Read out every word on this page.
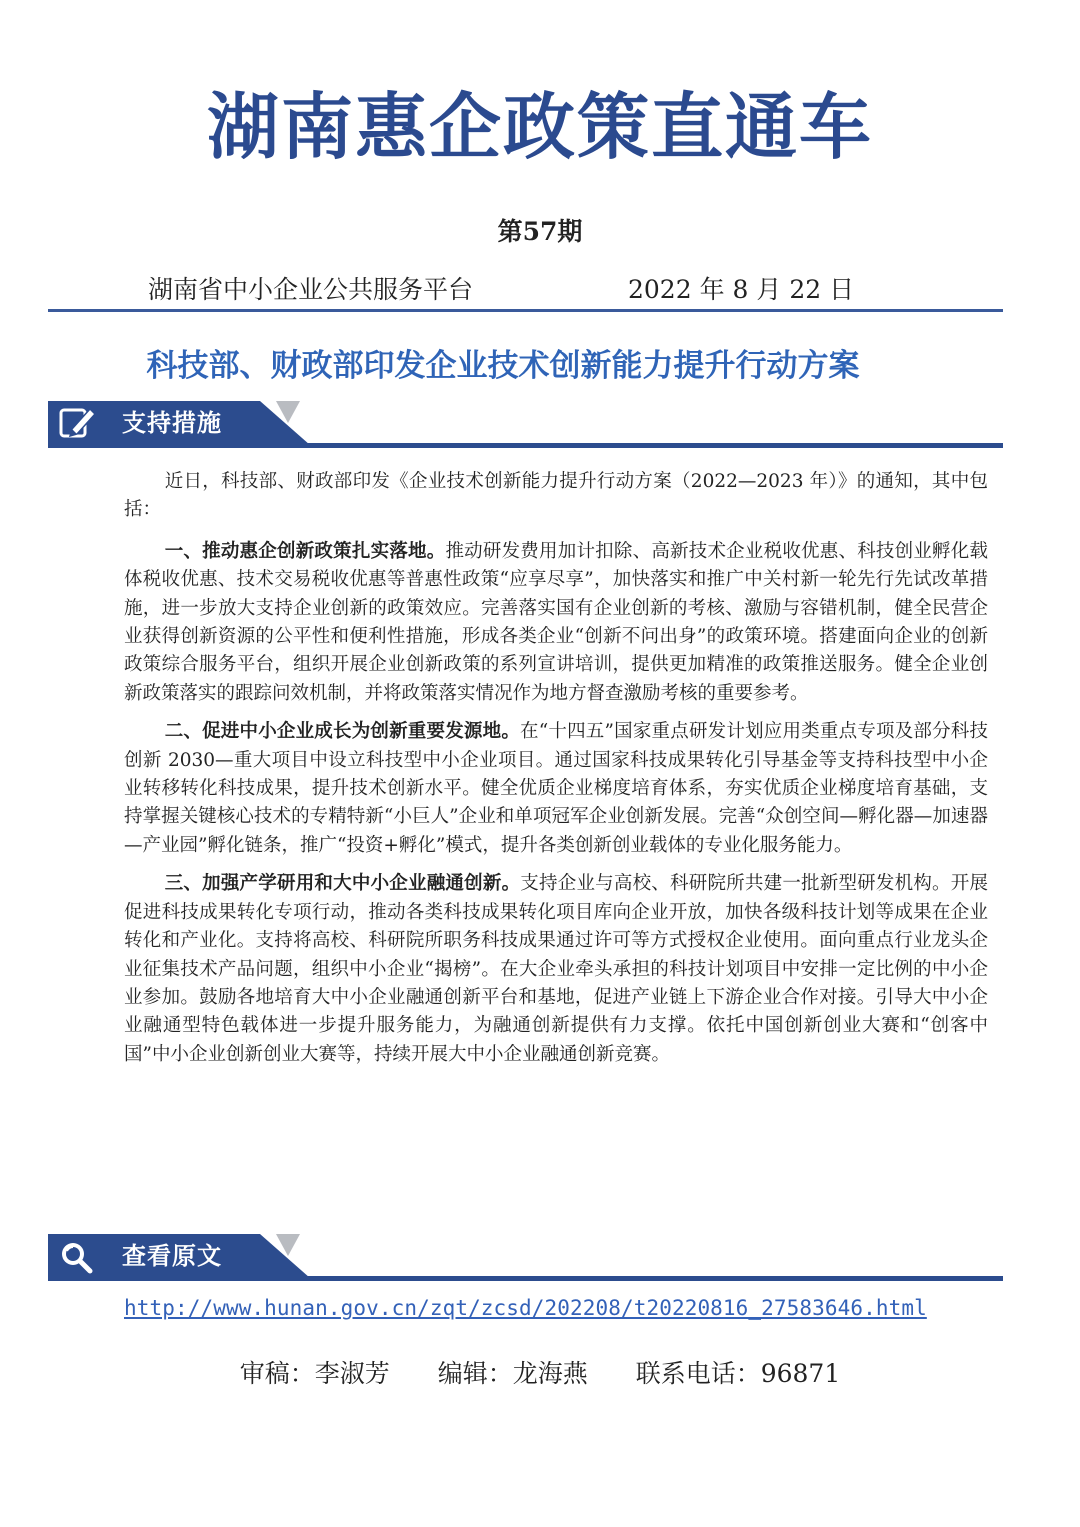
湖南惠企政策直通车
第57期
湖南省中小企业公共服务平台	2022 年 8 月 22 日
科技部、财政部印发企业技术创新能力提升行动方案
支持措施

近日，科技部、财政部印发《企业技术创新能力提升行动方案（2022—2023 年）》的通知，其中包括：

一、推动惠企创新政策扎实落地。推动研发费用加计扣除、高新技术企业税收优惠、科技创业孵化载体税收优惠、技术交易税收优惠等普惠性政策“应享尽享”，加快落实和推广中关村新一轮先行先试改革措施，进一步放大支持企业创新的政策效应。完善落实国有企业创新的考核、激励与容错机制，健全民营企业获得创新资源的公平性和便利性措施，形成各类企业“创新不问出身”的政策环境。搭建面向企业的创新政策综合服务平台，组织开展企业创新政策的系列宣讲培训，提供更加精准的政策推送服务。健全企业创新政策落实的跟踪问效机制，并将政策落实情况作为地方督查激励考核的重要参考。

二、促进中小企业成长为创新重要发源地。在“十四五”国家重点研发计划应用类重点专项及部分科技创新 2030—重大项目中设立科技型中小企业项目。通过国家科技成果转化引导基金等支持科技型中小企业转移转化科技成果，提升技术创新水平。健全优质企业梯度培育体系，夯实优质企业梯度培育基础，支持掌握关键核心技术的专精特新“小巨人”企业和单项冠军企业创新发展。完善“众创空间—孵化器—加速器—产业园”孵化链条，推广“投资+孵化”模式，提升各类创新创业载体的专业化服务能力。

三、加强产学研用和大中小企业融通创新。支持企业与高校、科研院所共建一批新型研发机构。开展促进科技成果转化专项行动，推动各类科技成果转化项目库向企业开放，加快各级科技计划等成果在企业转化和产业化。支持将高校、科研院所职务科技成果通过许可等方式授权企业使用。面向重点行业龙头企业征集技术产品问题，组织中小企业“揭榜”。在大企业牵头承担的科技计划项目中安排一定比例的中小企业参加。鼓励各地培育大中小企业融通创新平台和基地，促进产业链上下游企业合作对接。引导大中小企业融通型特色载体进一步提升服务能力，为融通创新提供有力支撑。依托中国创新创业大赛和“创客中国”中小企业创新创业大赛等，持续开展大中小企业融通创新竞赛。

查看原文
http://www.hunan.gov.cn/zqt/zcsd/202208/t20220816_27583646.html
审稿：李淑芳 编辑：龙海燕 联系电话：96871
